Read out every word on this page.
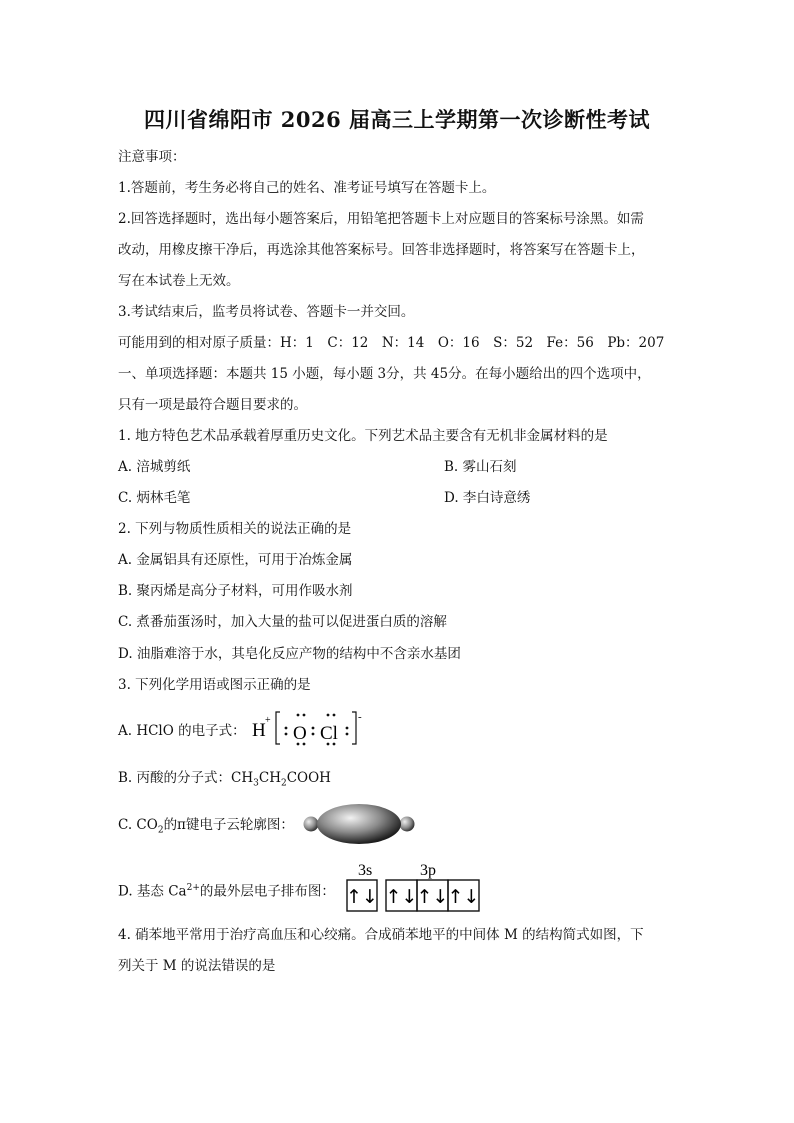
四川省绵阳市 2026 届高三上学期第一次诊断性考试
注意事项：
1.答题前，考生务必将自己的姓名、准考证号填写在答题卡上。
2.回答选择题时，选出每小题答案后，用铅笔把答题卡上对应题目的答案标号涂黑。如需
改动，用橡皮擦干净后，再选涂其他答案标号。回答非选择题时，将答案写在答题卡上，
写在本试卷上无效。
3.考试结束后，监考员将试卷、答题卡一并交回。
可能用到的相对原子质量：H：1　C：12　N：14　O：16　S：52　Fe：56　Pb：207
一、单项选择题：本题共 15 小题，每小题 3分，共 45分。在每小题给出的四个选项中，
只有一项是最符合题目要求的。
1. 地方特色艺术品承载着厚重历史文化。下列艺术品主要含有无机非金属材料的是
A. 涪城剪纸	B. 雾山石刻
C. 炳林毛笔	D. 李白诗意绣
2. 下列与物质性质相关的说法正确的是
A. 金属铝具有还原性，可用于冶炼金属
B. 聚丙烯是高分子材料，可用作吸水剂
C. 煮番茄蛋汤时，加入大量的盐可以促进蛋白质的溶解
D. 油脂难溶于水，其皂化反应产物的结构中不含亲水基团
3. 下列化学用语或图示正确的是
A. HClO 的电子式： H +
O Cl
-
B. 丙酸的分子式：$CH_3CH_2COOH$
C. $CO_2$的π键电子云轮廓图：
3s	3p
D. 基态 $Ca^{2+}$的最外层电子排布图： ↑↓ ↑↓ ↑↓ ↑↓
4. 硝苯地平常用于治疗高血压和心绞痛。合成硝苯地平的中间体 M 的结构简式如图，下
列关于 M 的说法错误的是
